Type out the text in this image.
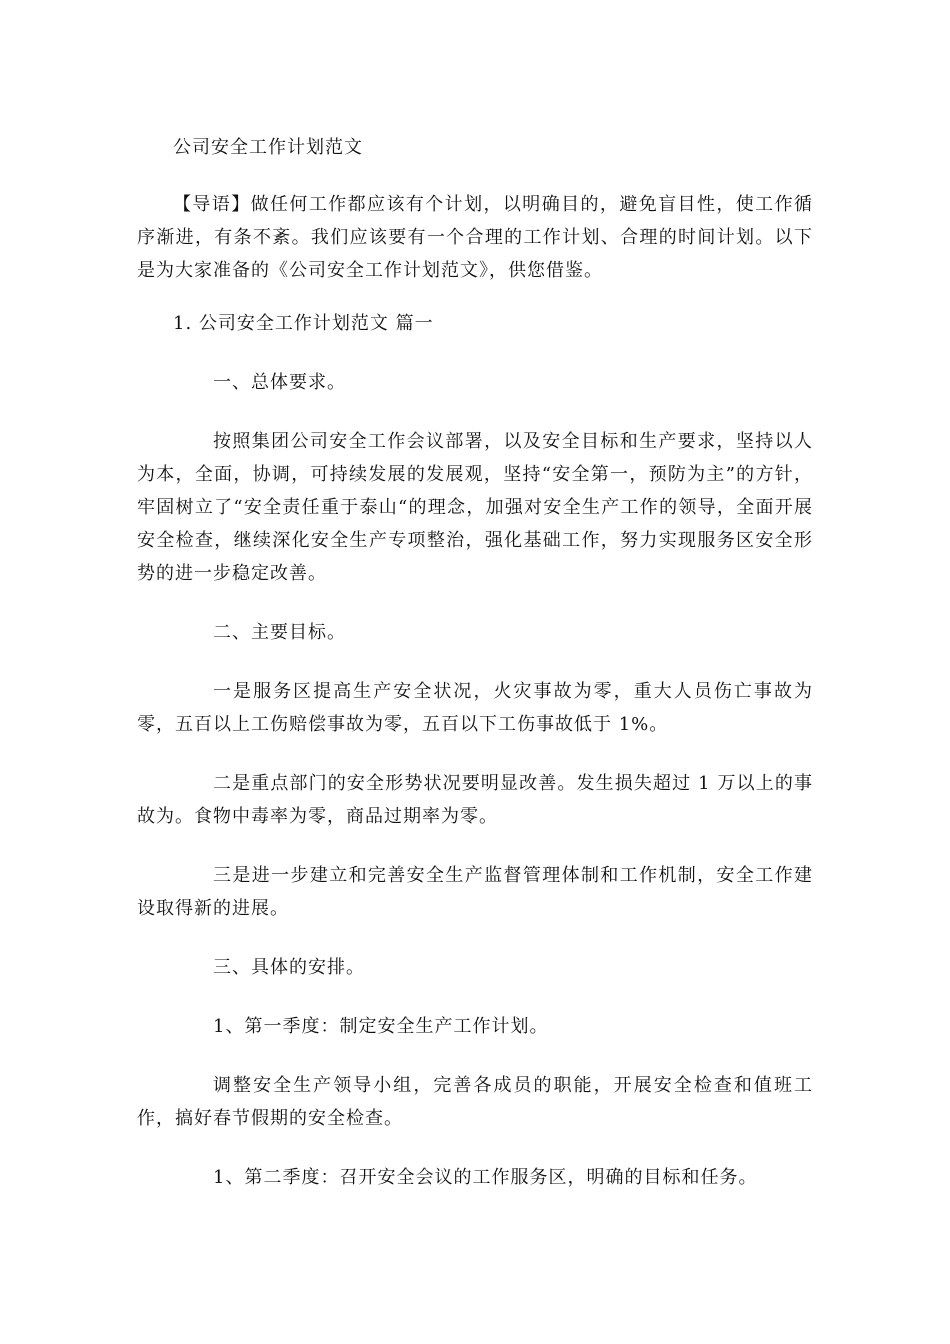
公司安全工作计划范文

【导语】做任何工作都应该有个计划，以明确目的，避免盲目性，使工作循序渐进，有条不紊。我们应该要有一个合理的工作计划、合理的时间计划。以下是为大家准备的《公司安全工作计划范文》，供您借鉴。

1. 公司安全工作计划范文 篇一

一、总体要求。

按照集团公司安全工作会议部署，以及安全目标和生产要求，坚持以人为本，全面，协调，可持续发展的发展观，坚持“安全第一，预防为主”的方针，牢固树立了“安全责任重于泰山“的理念，加强对安全生产工作的领导，全面开展安全检查，继续深化安全生产专项整治，强化基础工作，努力实现服务区安全形势的进一步稳定改善。

二、主要目标。

一是服务区提高生产安全状况，火灾事故为零，重大人员伤亡事故为零，五百以上工伤赔偿事故为零，五百以下工伤事故低于 1%。

二是重点部门的安全形势状况要明显改善。发生损失超过 1 万以上的事故为。食物中毒率为零，商品过期率为零。

三是进一步建立和完善安全生产监督管理体制和工作机制，安全工作建设取得新的进展。

三、具体的安排。

1、第一季度：制定安全生产工作计划。

调整安全生产领导小组，完善各成员的职能，开展安全检查和值班工作，搞好春节假期的安全检查。

1、第二季度：召开安全会议的工作服务区，明确的目标和任务。
